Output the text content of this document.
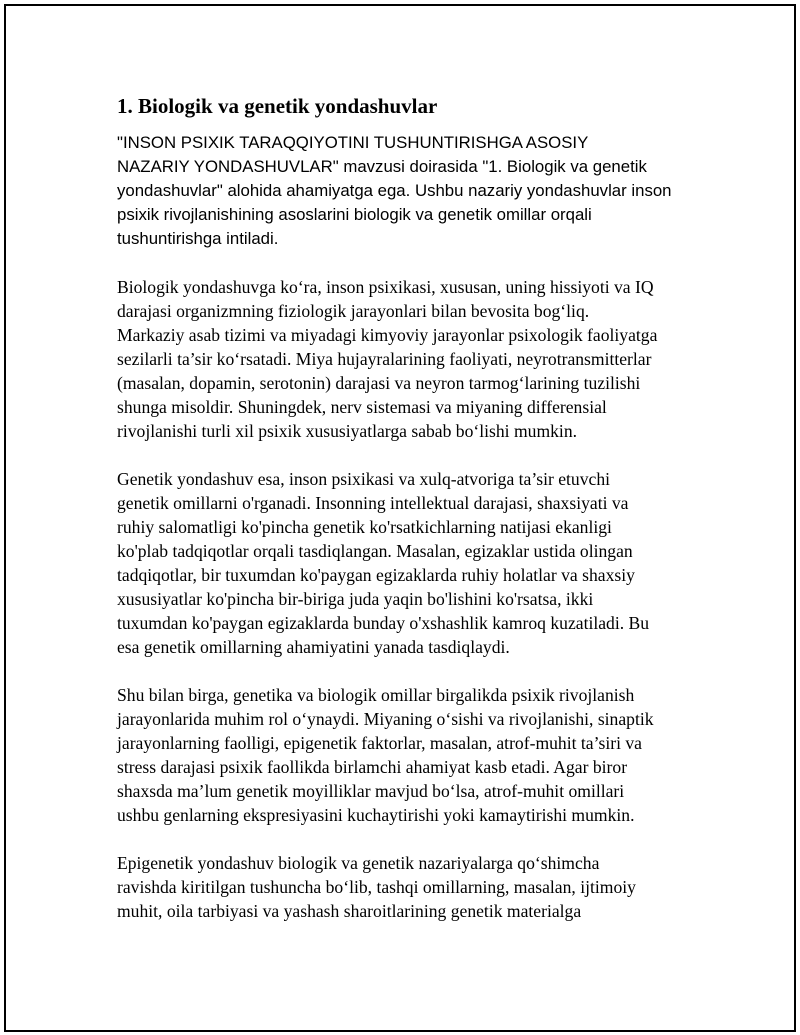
1. Biologik va genetik yondashuvlar
"INSON PSIXIK TARAQQIYOTINI TUSHUNTIRISHGA ASOSIY
NAZARIY YONDASHUVLAR" mavzusi doirasida "1. Biologik va genetik
yondashuvlar" alohida ahamiyatga ega. Ushbu nazariy yondashuvlar inson
psixik rivojlanishining asoslarini biologik va genetik omillar orqali
tushuntirishga intiladi.
Biologik yondashuvga ko‘ra, inson psixikasi, xususan, uning hissiyoti va IQ
darajasi organizmning fiziologik jarayonlari bilan bevosita bog‘liq.
Markaziy asab tizimi va miyadagi kimyoviy jarayonlar psixologik faoliyatga
sezilarli ta’sir ko‘rsatadi. Miya hujayralarining faoliyati, neyrotransmitterlar
(masalan, dopamin, serotonin) darajasi va neyron tarmog‘larining tuzilishi
shunga misoldir. Shuningdek, nerv sistemasi va miyaning differensial
rivojlanishi turli xil psixik xususiyatlarga sabab bo‘lishi mumkin.
Genetik yondashuv esa, inson psixikasi va xulq-atvoriga ta’sir etuvchi
genetik omillarni o'rganadi. Insonning intellektual darajasi, shaxsiyati va
ruhiy salomatligi ko'pincha genetik ko'rsatkichlarning natijasi ekanligi
ko'plab tadqiqotlar orqali tasdiqlangan. Masalan, egizaklar ustida olingan
tadqiqotlar, bir tuxumdan ko'paygan egizaklarda ruhiy holatlar va shaxsiy
xususiyatlar ko'pincha bir-biriga juda yaqin bo'lishini ko'rsatsa, ikki
tuxumdan ko'paygan egizaklarda bunday o'xshashlik kamroq kuzatiladi. Bu
esa genetik omillarning ahamiyatini yanada tasdiqlaydi.
Shu bilan birga, genetika va biologik omillar birgalikda psixik rivojlanish
jarayonlarida muhim rol o‘ynaydi. Miyaning o‘sishi va rivojlanishi, sinaptik
jarayonlarning faolligi, epigenetik faktorlar, masalan, atrof-muhit ta’siri va
stress darajasi psixik faollikda birlamchi ahamiyat kasb etadi. Agar biror
shaxsda ma’lum genetik moyilliklar mavjud bo‘lsa, atrof-muhit omillari
ushbu genlarning ekspresiyasini kuchaytirishi yoki kamaytirishi mumkin.
Epigenetik yondashuv biologik va genetik nazariyalarga qo‘shimcha
ravishda kiritilgan tushuncha bo‘lib, tashqi omillarning, masalan, ijtimoiy
muhit, oila tarbiyasi va yashash sharoitlarining genetik materialga
